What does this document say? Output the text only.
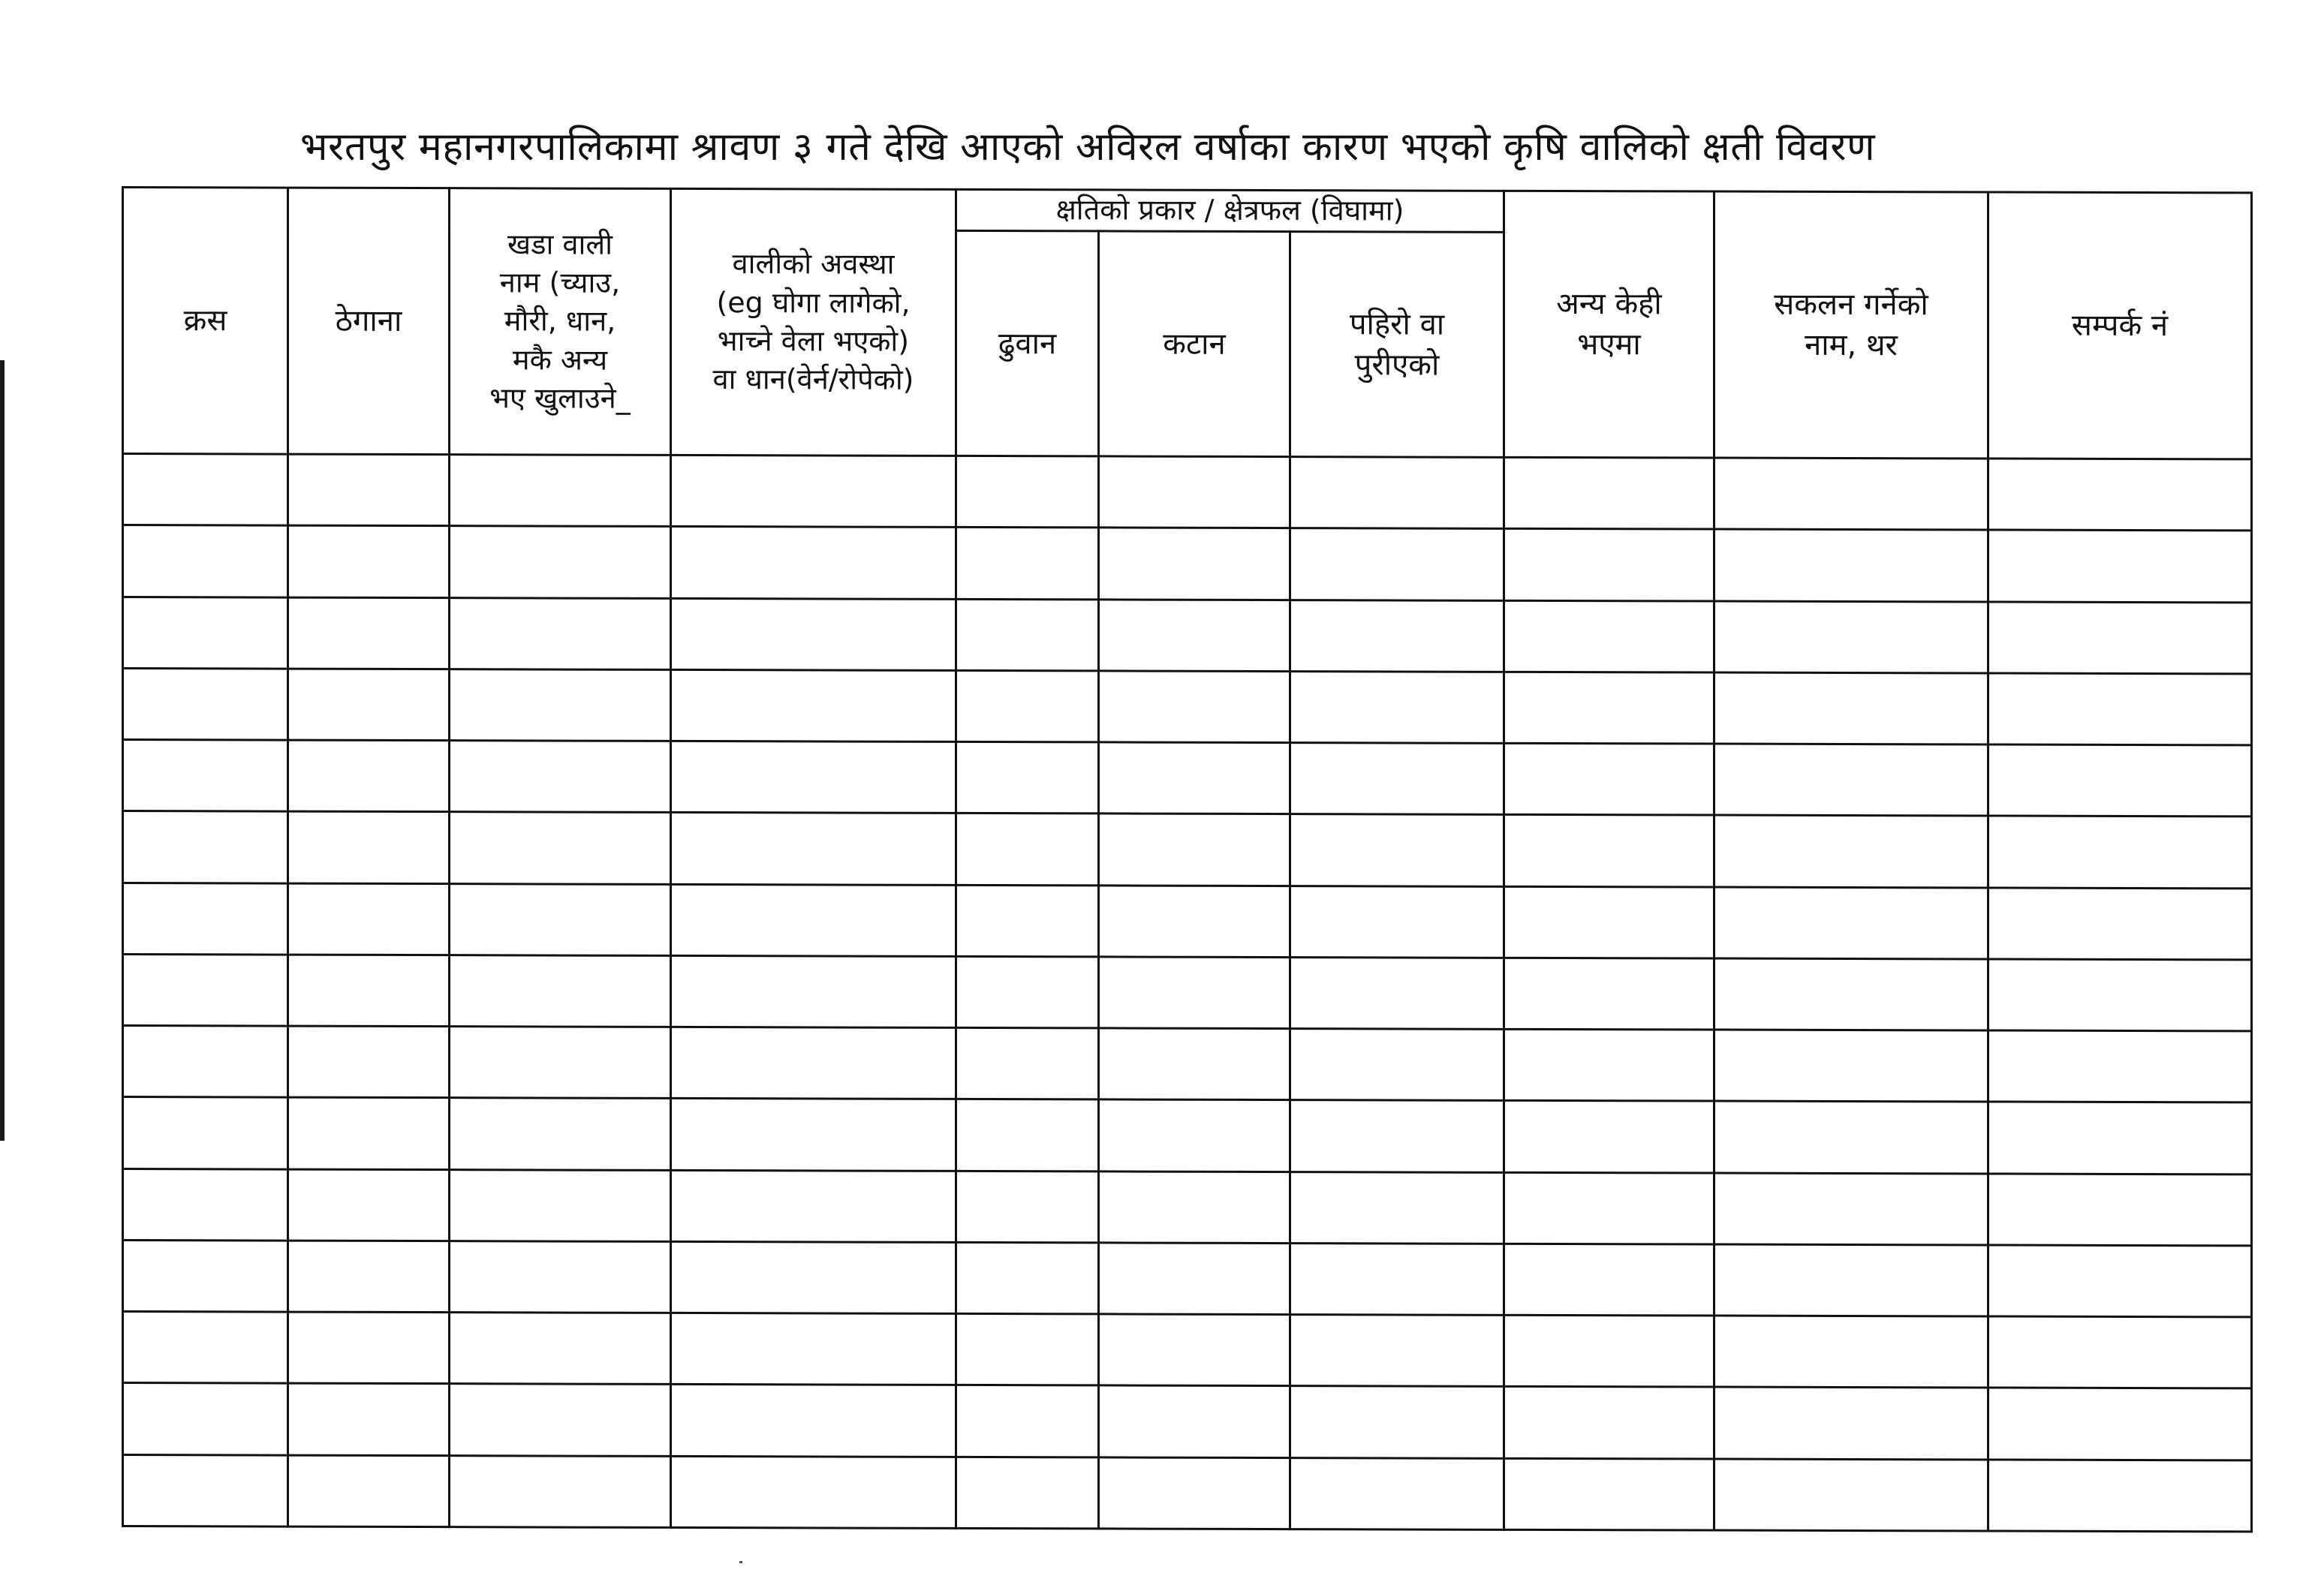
भरतपुर महानगरपालिकामा श्रावण ३ गते देखि आएको अविरल वर्षाका कारण भएको कृषि वालिको क्षती विवरण
क्रस	ठेगाना	खडा वाली
नाम (च्याउ,
मौरी, धान,
मकै अन्य
भए खुलाउने_	वालीको अवस्था
(eg घोगा लागेको,
भाच्ने वेला भएको)
वा धान(वेर्न/रोपेको)	क्षतिको प्रकार / क्षेत्रफल (विघामा)			अन्य केही
भएमा	सकलन गर्नेको
नाम, थर	सम्पर्क नं

				ढुवान	कटान	पहिरो वा
पुरीएको			
